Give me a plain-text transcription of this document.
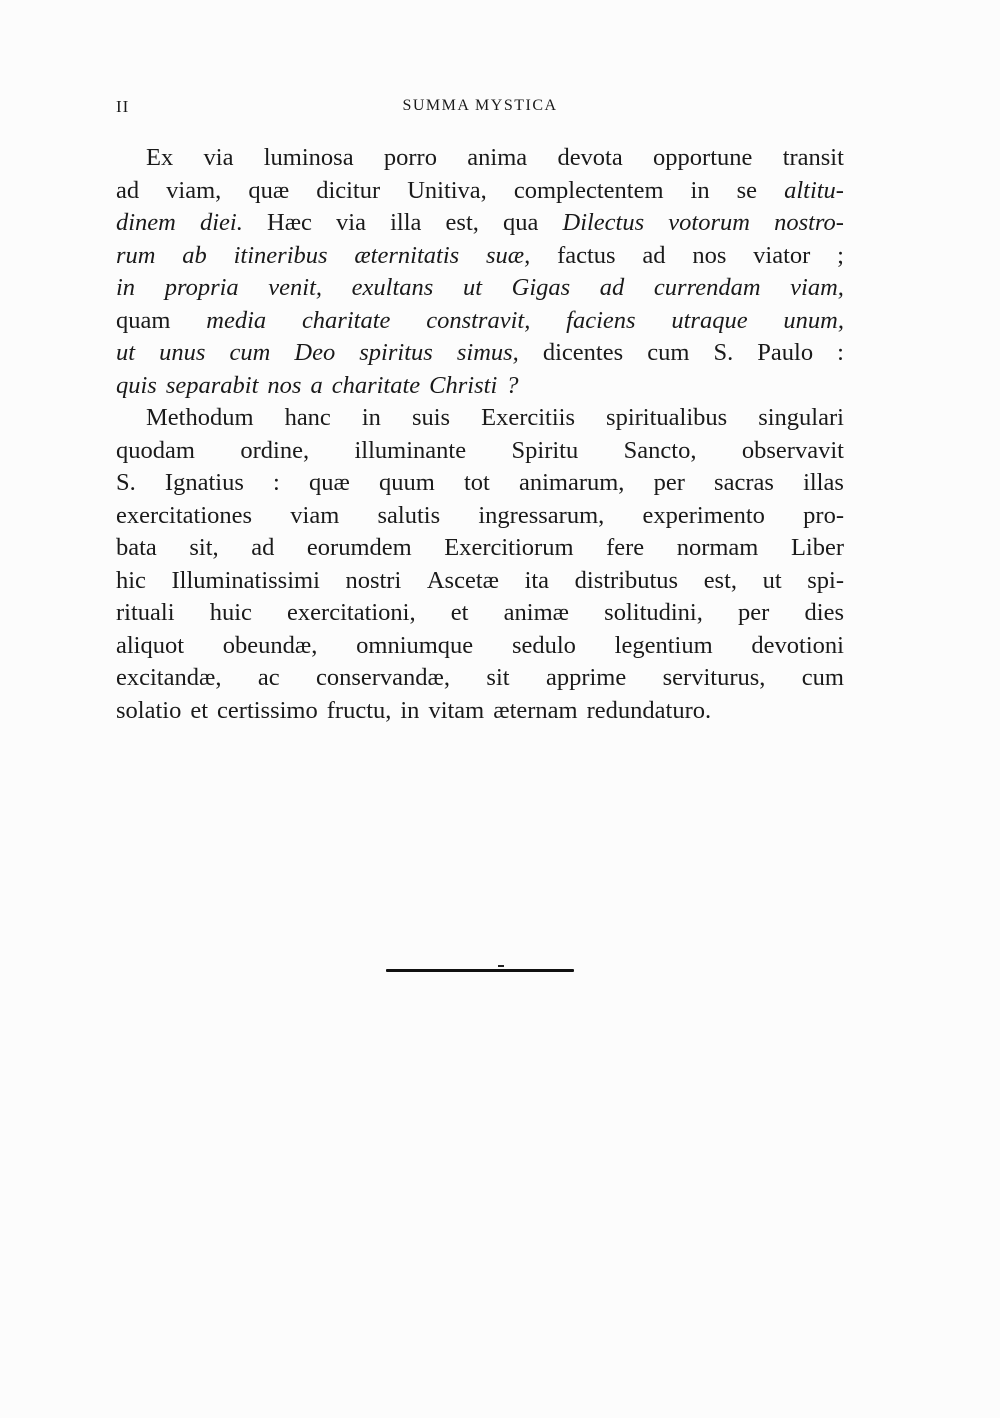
II	SUMMA MYSTICA
Ex via luminosa porro anima devota opportune transit
ad viam, quæ dicitur Unitiva, complectentem in se altitu-
dinem diei. Hæc via illa est, qua Dilectus votorum nostro-
rum ab itineribus æternitatis suæ, factus ad nos viator ;
in propria venit, exultans ut Gigas ad currendam viam,
quam media charitate constravit, faciens utraque unum,
ut unus cum Deo spiritus simus, dicentes cum S. Paulo :
quis separabit nos a charitate Christi ?
Methodum hanc in suis Exercitiis spiritualibus singulari
quodam ordine, illuminante Spiritu Sancto, observavit
S. Ignatius : quæ quum tot animarum, per sacras illas
exercitationes viam salutis ingressarum, experimento pro-
bata sit, ad eorumdem Exercitiorum fere normam Liber
hic Illuminatissimi nostri Ascetæ ita distributus est, ut spi-
rituali huic exercitationi, et animæ solitudini, per dies
aliquot obeundæ, omniumque sedulo legentium devotioni
excitandæ, ac conservandæ, sit apprime serviturus, cum
solatio et certissimo fructu, in vitam æternam redundaturo.
